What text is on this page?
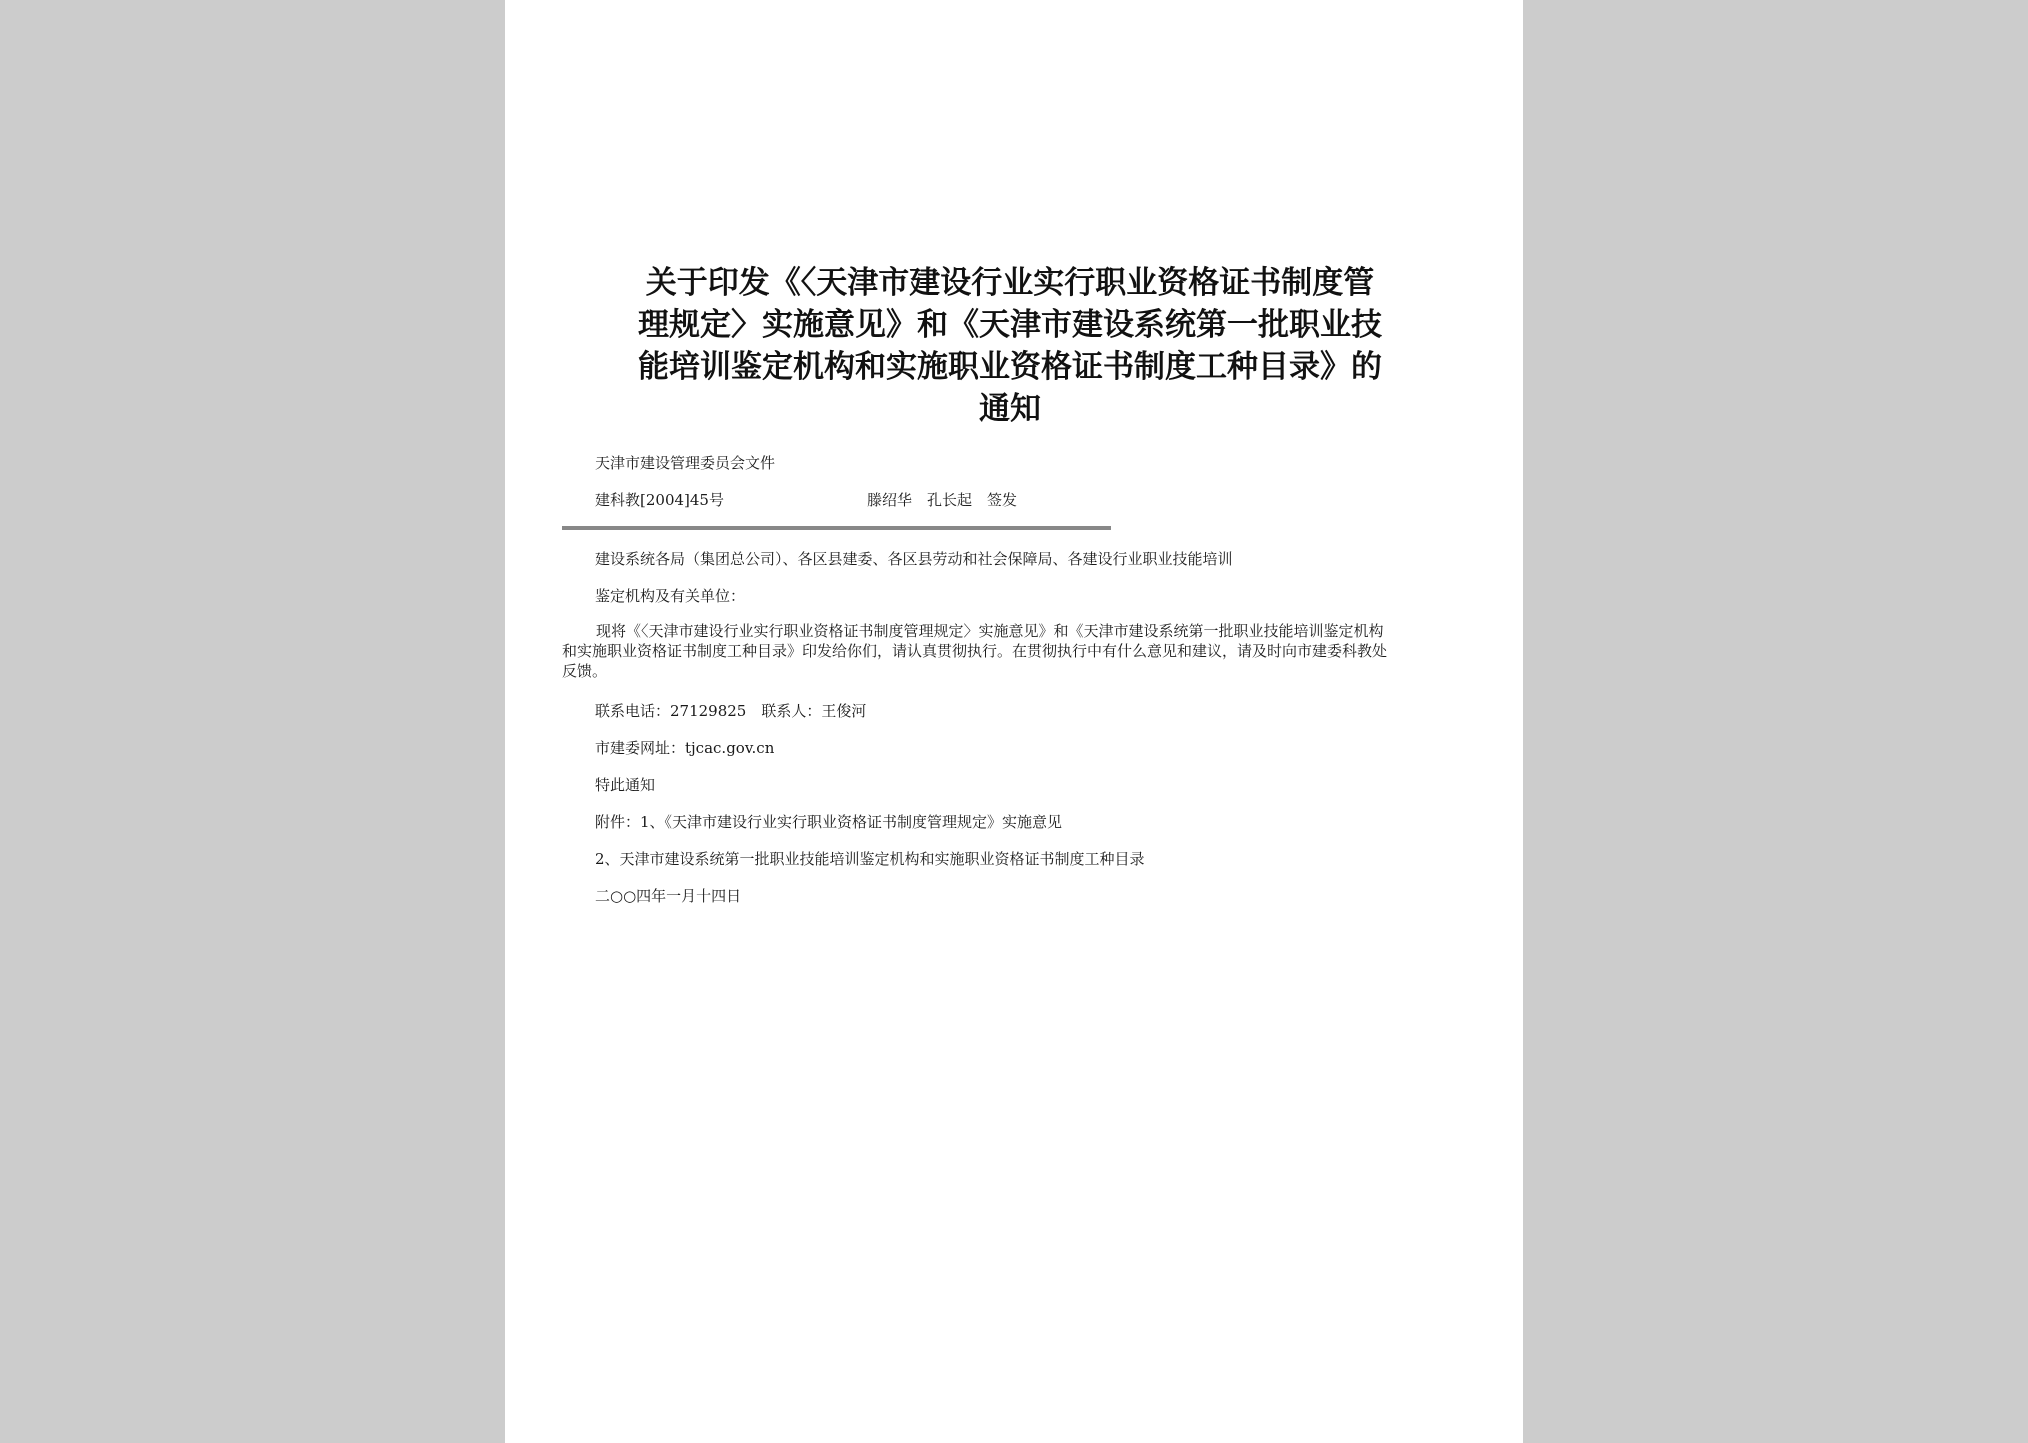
关于印发《〈天津市建设行业实行职业资格证书制度管
理规定〉实施意见》和《天津市建设系统第一批职业技
能培训鉴定机构和实施职业资格证书制度工种目录》的
通知
天津市建设管理委员会文件
建科教[2004]45号	滕绍华　孔长起　签发
建设系统各局（集团总公司）、各区县建委、各区县劳动和社会保障局、各建设行业职业技能培训
鉴定机构及有关单位：
现将《〈天津市建设行业实行职业资格证书制度管理规定〉实施意见》和《天津市建设系统第一批职业技能培训鉴定机构
和实施职业资格证书制度工种目录》印发给你们，请认真贯彻执行。在贯彻执行中有什么意见和建议，请及时向市建委科教处
反馈。
联系电话：27129825　联系人：王俊河
市建委网址：tjcac.gov.cn
特此通知
附件：1、《天津市建设行业实行职业资格证书制度管理规定》实施意见
2、天津市建设系统第一批职业技能培训鉴定机构和实施职业资格证书制度工种目录
二○○四年一月十四日
